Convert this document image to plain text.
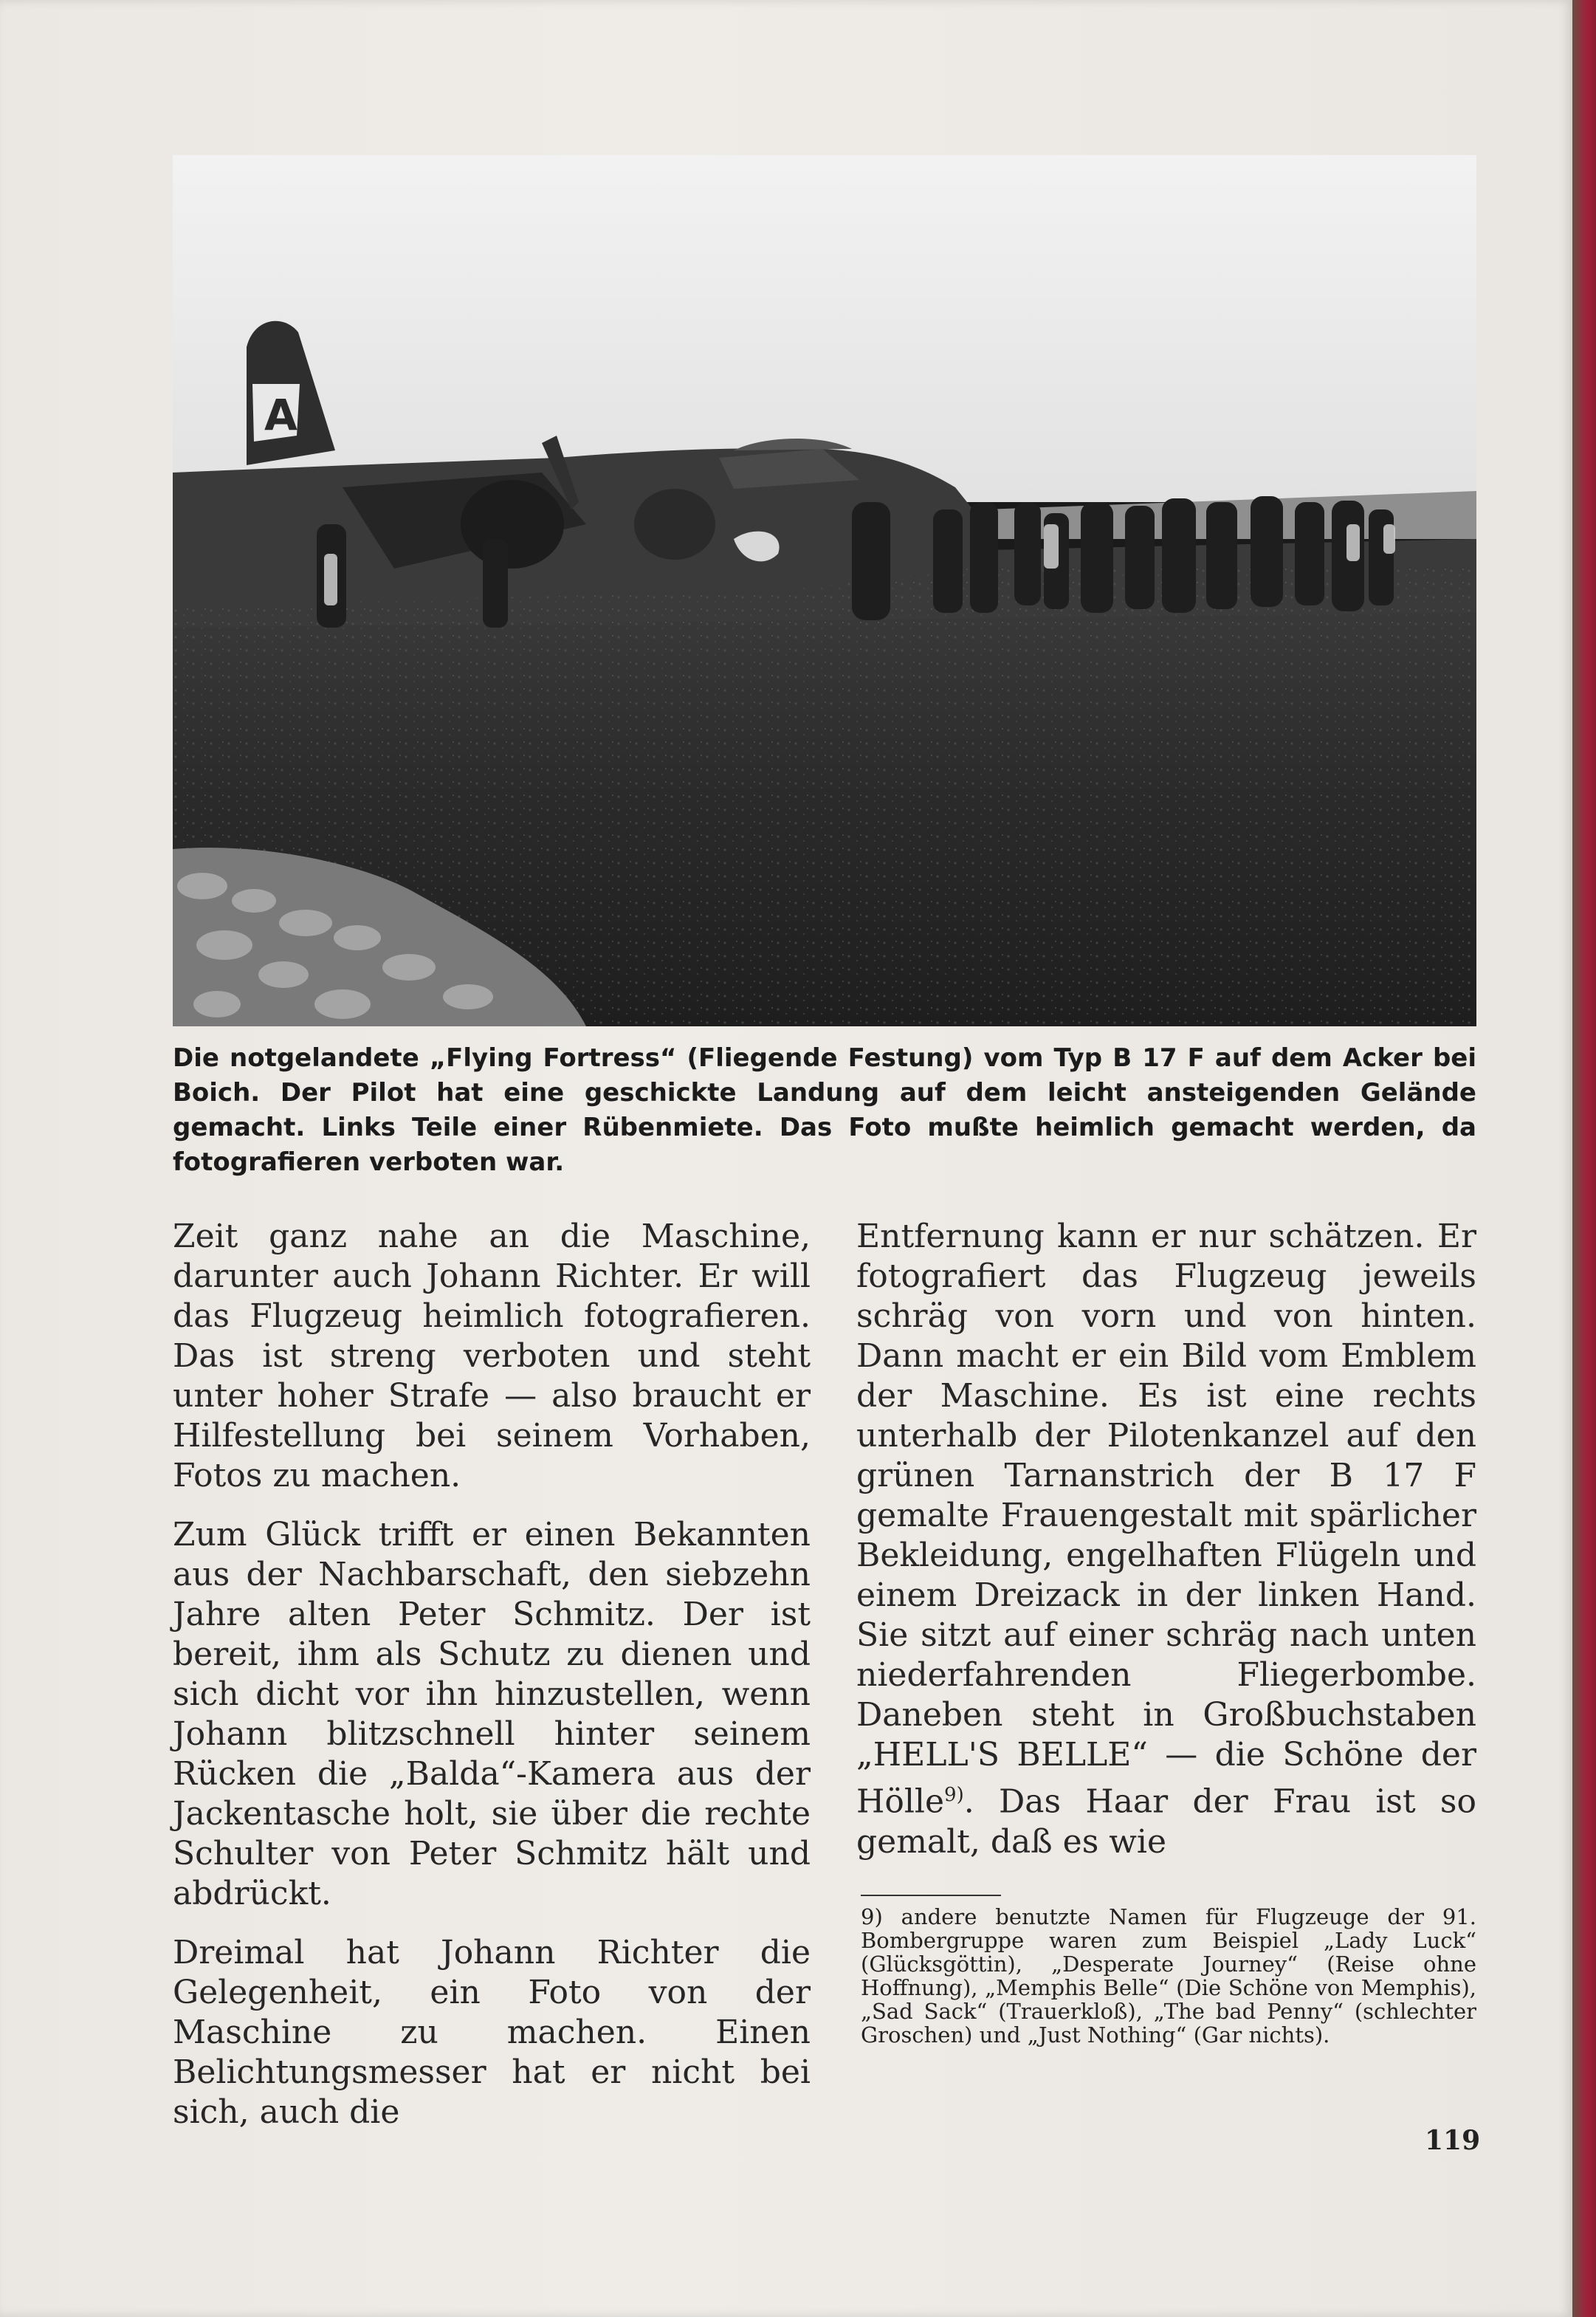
A
Die notgelandete „Flying Fortress“ (Fliegende Festung) vom Typ B 17 F auf dem Acker bei Boich. Der Pilot hat eine geschickte Landung auf dem leicht ansteigenden Gelände gemacht. Links Teile einer Rübenmiete. Das Foto mußte heimlich gemacht werden, da fotografieren verboten war.

Zeit ganz nahe an die Maschine, darunter auch Johann Richter. Er will das Flugzeug heimlich fotografieren. Das ist streng verboten und steht unter hoher Strafe — also braucht er Hilfestellung bei seinem Vorhaben, Fotos zu machen.

Zum Glück trifft er einen Bekannten aus der Nachbarschaft, den siebzehn Jahre alten Peter Schmitz. Der ist bereit, ihm als Schutz zu dienen und sich dicht vor ihn hinzustellen, wenn Johann blitzschnell hinter seinem Rücken die „Balda“-Kamera aus der Jackentasche holt, sie über die rechte Schulter von Peter Schmitz hält und abdrückt.

Dreimal hat Johann Richter die Gelegenheit, ein Foto von der Maschine zu machen. Einen Belichtungsmesser hat er nicht bei sich, auch die

Entfernung kann er nur schätzen. Er fotografiert das Flugzeug jeweils schräg von vorn und von hinten. Dann macht er ein Bild vom Emblem der Maschine. Es ist eine rechts unterhalb der Pilotenkanzel auf den grünen Tarnanstrich der B 17 F gemalte Frauengestalt mit spärlicher Bekleidung, engelhaften Flügeln und einem Dreizack in der linken Hand. Sie sitzt auf einer schräg nach unten niederfahrenden Fliegerbombe. Daneben steht in Großbuchstaben „HELL'S BELLE“ — die Schöne der Hölle$^{9)}$. Das Haar der Frau ist so gemalt, daß es wie

9) andere benutzte Namen für Flugzeuge der 91. Bombergruppe waren zum Beispiel „Lady Luck“ (Glücksgöttin), „Desperate Journey“ (Reise ohne Hoffnung), „Memphis Belle“ (Die Schöne von Memphis), „Sad Sack“ (Trauerkloß), „The bad Penny“ (schlechter Groschen) und „Just Nothing“ (Gar nichts).
119
